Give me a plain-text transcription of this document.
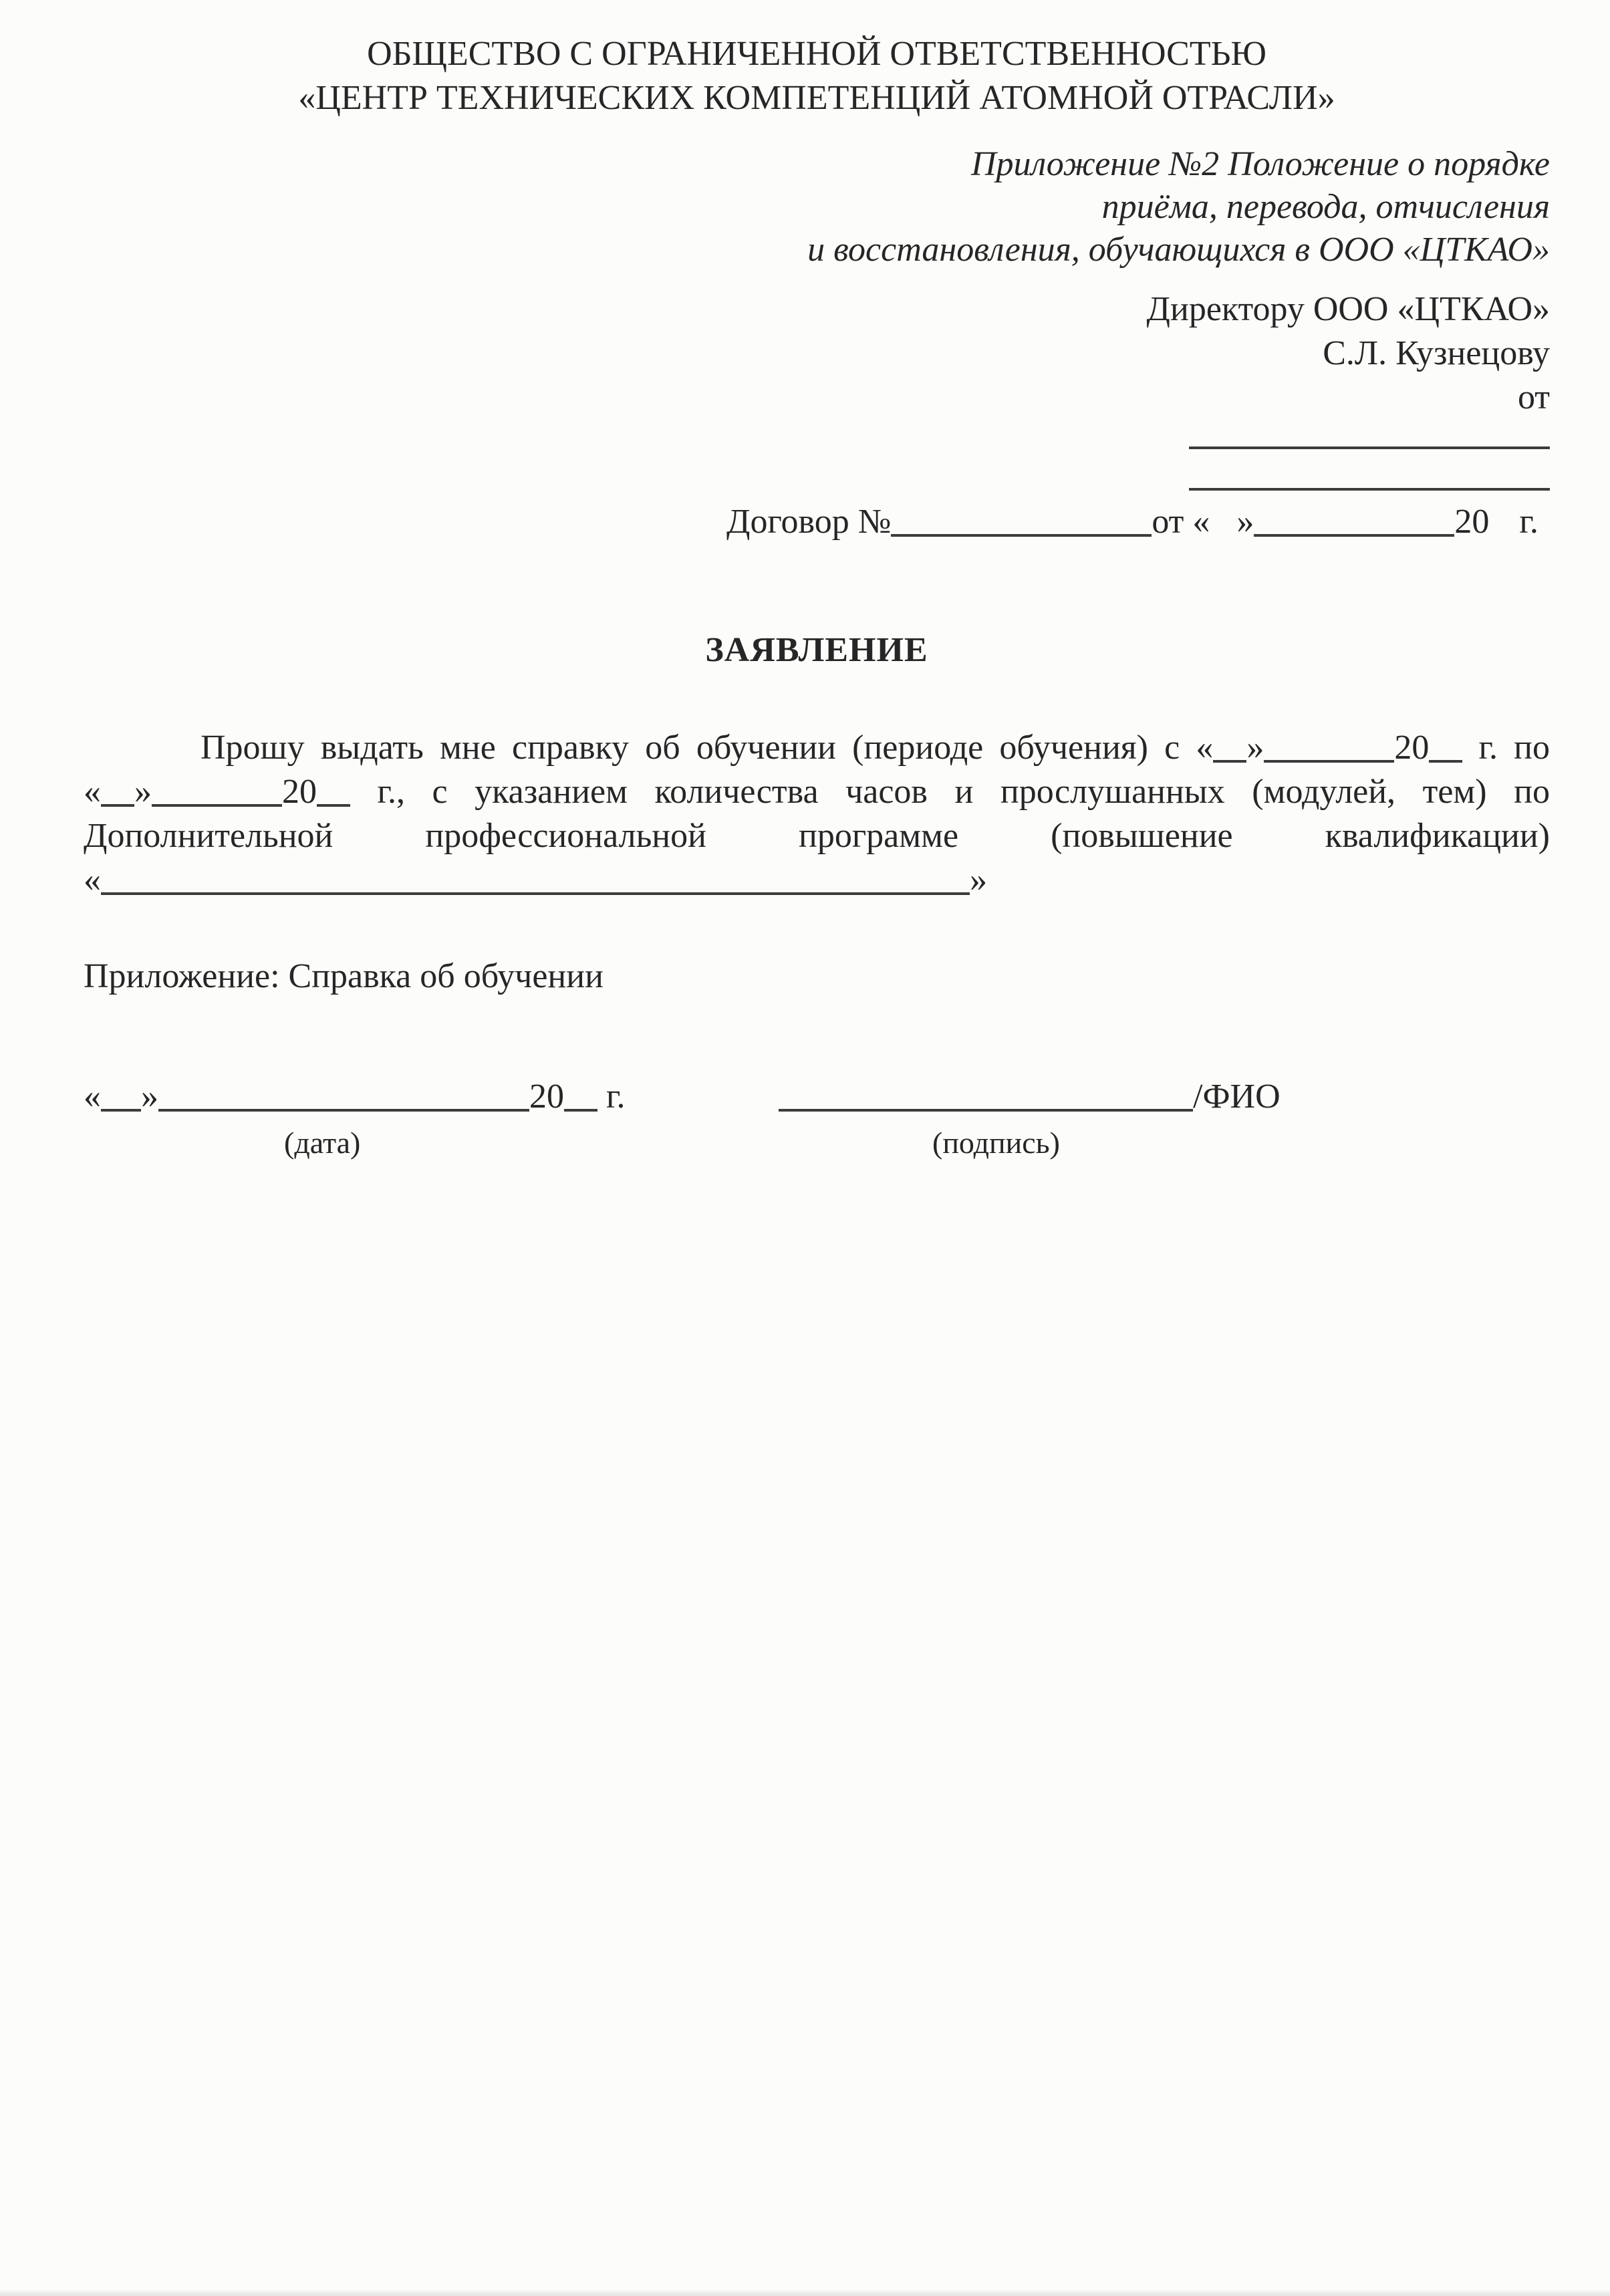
ОБЩЕСТВО С ОГРАНИЧЕННОЙ ОТВЕТСТВЕННОСТЬЮ
«ЦЕНТР ТЕХНИЧЕСКИХ КОМПЕТЕНЦИЙ АТОМНОЙ ОТРАСЛИ»
Приложение №2 Положение о порядке
приёма, перевода, отчисления
и восстановления, обучающихся в ООО «ЦТКАО»
Директору ООО «ЦТКАО»
С.Л. Кузнецову
от
Договор №	от « »	20 г.
ЗАЯВЛЕНИЕ
Прошу выдать мне справку об обучении (периоде обучения) с « »	20 г. по
« »	20 г., с указанием количества часов и прослушанных (модулей, тем) по
Дополнительной профессиональной программе (повышение квалификации)
«	»
Приложение: Справка об обучении
« »	20 г.
(дата)
/ФИО
(подпись)
